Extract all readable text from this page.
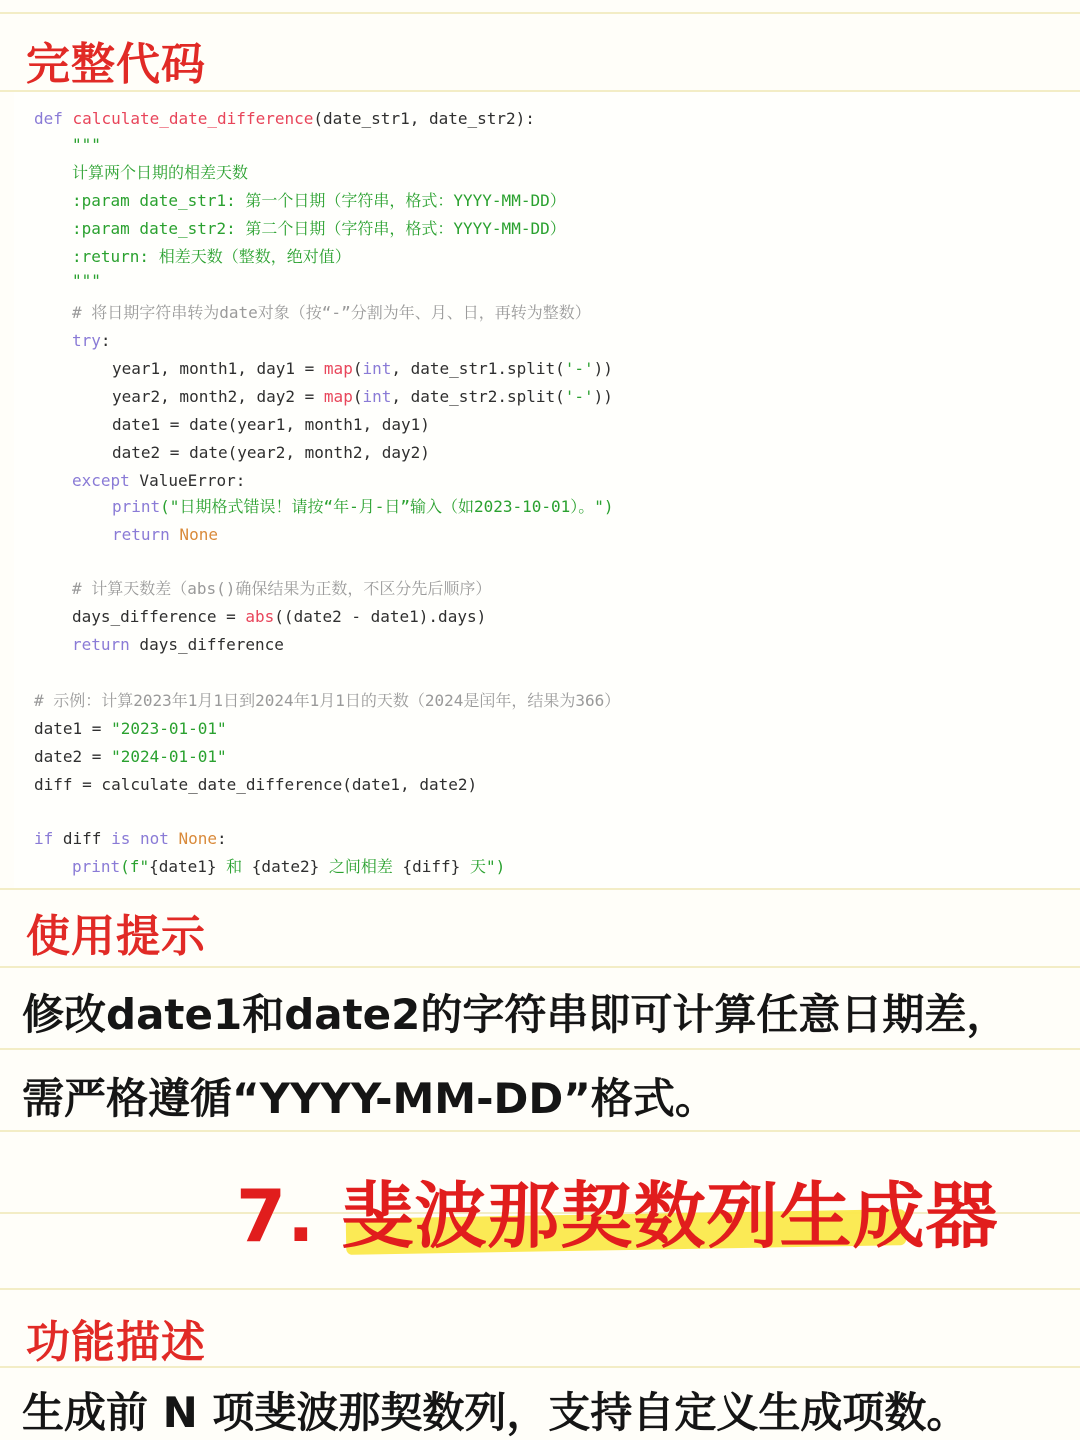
完整代码
def calculate_date_difference(date_str1, date_str2):
"""
计算两个日期的相差天数
:param date_str1: 第一个日期（字符串，格式：YYYY-MM-DD）
:param date_str2: 第二个日期（字符串，格式：YYYY-MM-DD）
:return: 相差天数（整数，绝对值）
"""
# 将日期字符串转为date对象（按“-”分割为年、月、日，再转为整数）
try:
year1, month1, day1 = map(int, date_str1.split('-'))
year2, month2, day2 = map(int, date_str2.split('-'))
date1 = date(year1, month1, day1)
date2 = date(year2, month2, day2)
except ValueError:
print("日期格式错误！请按“年-月-日”输入（如2023-10-01）。")
return None
# 计算天数差（abs()确保结果为正数，不区分先后顺序）
days_difference = abs((date2 - date1).days)
return days_difference
# 示例：计算2023年1月1日到2024年1月1日的天数（2024是闰年，结果为366）
date1 = "2023-01-01"
date2 = "2024-01-01"
diff = calculate_date_difference(date1, date2)
if diff is not None:
print(f"{date1} 和 {date2} 之间相差 {diff} 天")
使用提示

修改date1和date2的字符串即可计算任意日期差，

需严格遵循“YYYY-MM-DD”格式。

7. 斐波那契数列生成器
功能描述

生成前 N 项斐波那契数列，支持自定义生成项数。
